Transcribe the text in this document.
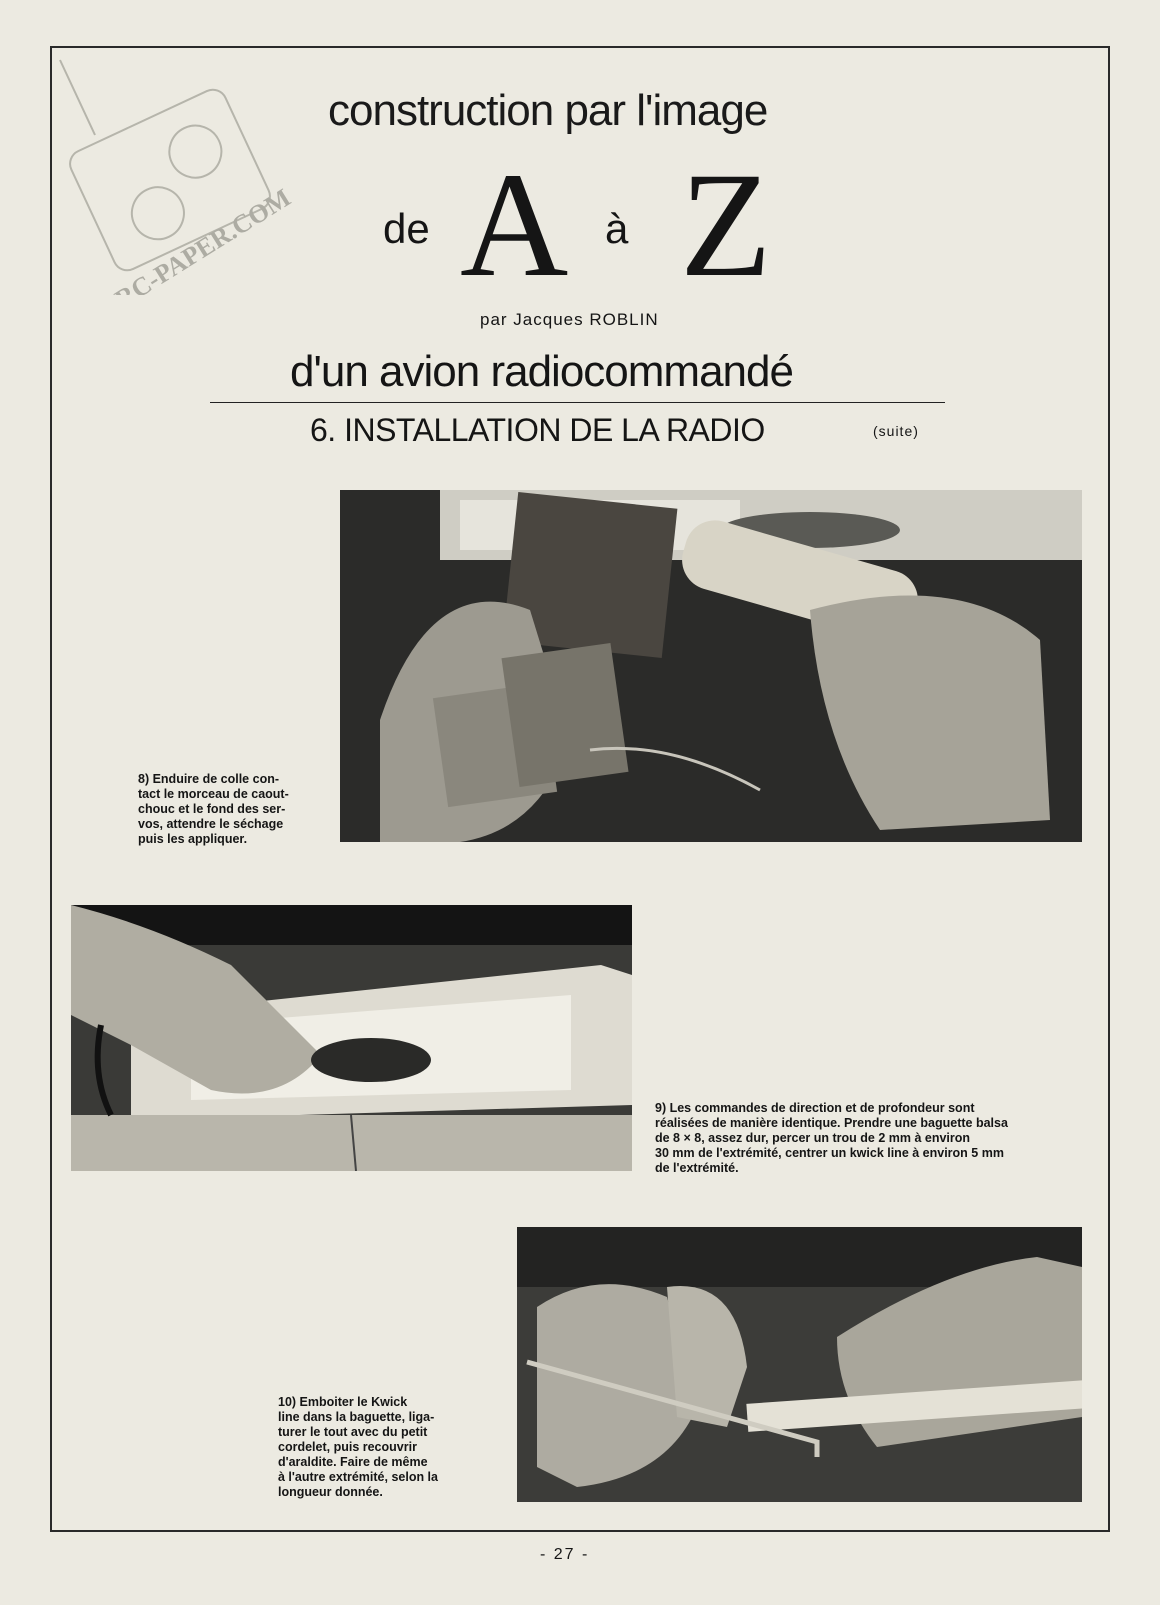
RC-PAPER.COM
construction par l'image
de A à Z
par Jacques ROBLIN
d'un avion radiocommandé
6. INSTALLATION DE LA RADIO	(suite)
8) Enduire de colle con-
tact le morceau de caout-
chouc et le fond des ser-
vos, attendre le séchage
puis les appliquer.
9) Les commandes de direction et de profondeur sont
réalisées de manière identique. Prendre une baguette balsa
de 8 × 8, assez dur, percer un trou de 2 mm à environ
30 mm de l'extrémité, centrer un kwick line à environ 5 mm
de l'extrémité.
10) Emboiter le Kwick
line dans la baguette, liga-
turer le tout avec du petit
cordelet, puis recouvrir
d'araldite. Faire de même
à l'autre extrémité, selon la
longueur donnée.
- 27 -
